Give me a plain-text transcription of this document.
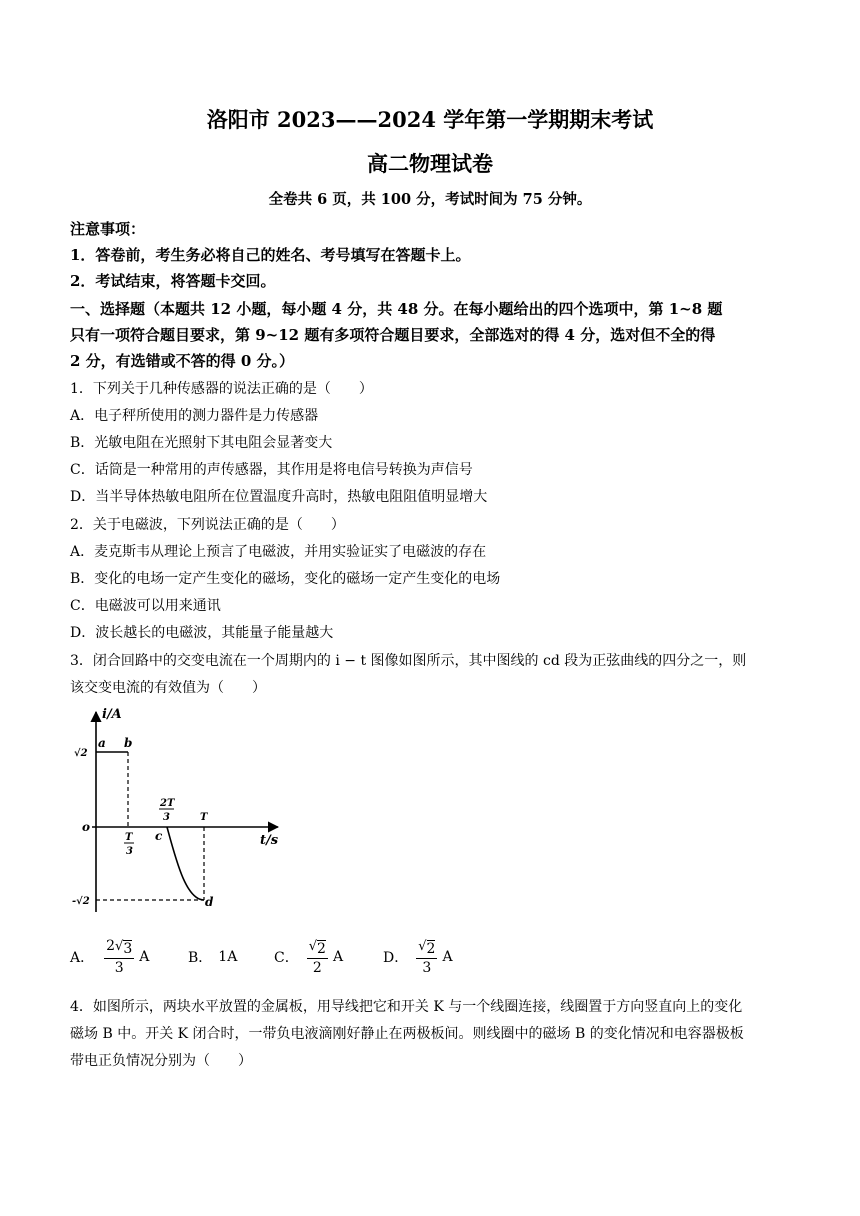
洛阳市 2023——2024 学年第一学期期末考试
高二物理试卷
全卷共 6 页，共 100 分，考试时间为 75 分钟。
注意事项：
1．答卷前，考生务必将自己的姓名、考号填写在答题卡上。
2．考试结束，将答题卡交回。
一、选择题（本题共 12 小题，每小题 4 分，共 48 分。在每小题给出的四个选项中，第 1~8 题
只有一项符合题目要求，第 9~12 题有多项符合题目要求，全部选对的得 4 分，选对但不全的得
2 分，有选错或不答的得 0 分。）
1．下列关于几种传感器的说法正确的是（　　）
A．电子秤所使用的测力器件是力传感器
B．光敏电阻在光照射下其电阻会显著变大
C．话筒是一种常用的声传感器，其作用是将电信号转换为声信号
D．当半导体热敏电阻所在位置温度升高时，热敏电阻阻值明显增大
2．关于电磁波，下列说法正确的是（　　）
A．麦克斯韦从理论上预言了电磁波，并用实验证实了电磁波的存在
B．变化的电场一定产生变化的磁场，变化的磁场一定产生变化的电场
C．电磁波可以用来通讯
D．波长越长的电磁波，其能量子能量越大
3．闭合回路中的交变电流在一个周期内的 i − t 图像如图所示，其中图线的 cd 段为正弦曲线的四分之一，则
该交变电流的有效值为（　　）
i/A
t/s
o
a b
c
d
√2
-√2
T
3
2T
3	T
A． $\frac{2 √ 3}{3}$ A	B． 1A	C． $\frac{√ 2}{2}$ A	D． $\frac{√ 2}{3}$ A
4．如图所示，两块水平放置的金属板，用导线把它和开关 K 与一个线圈连接，线圈置于方向竖直向上的变化
磁场 B 中。开关 K 闭合时，一带负电液滴刚好静止在两极板间。则线圈中的磁场 B 的变化情况和电容器极板
带电正负情况分别为（　　）
